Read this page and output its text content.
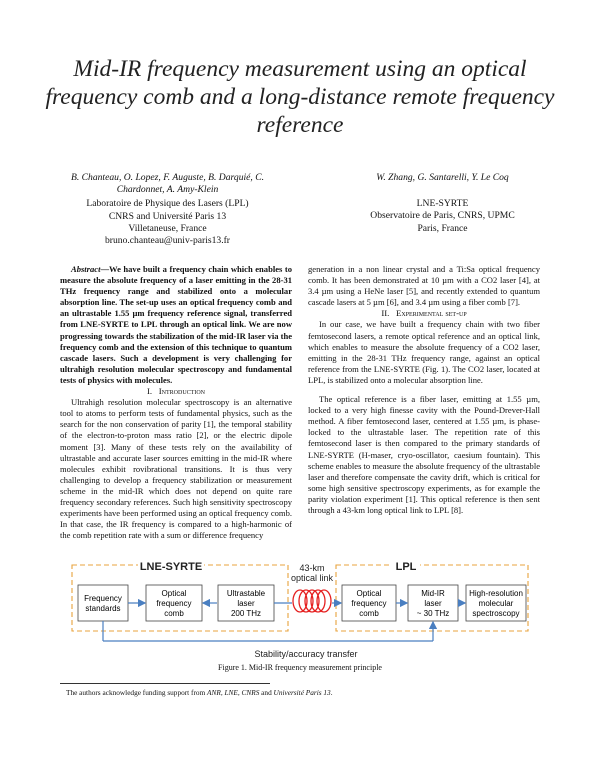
Mid-IR frequency measurement using an optical frequency comb and a long-distance remote frequency reference
B. Chanteau, O. Lopez, F. Auguste, B. Darquié, C.
Chardonnet, A. Amy-Klein
Laboratoire de Physique des Lasers (LPL)
CNRS and Université Paris 13
Villetaneuse, France
bruno.chanteau@univ-paris13.fr
W. Zhang, G. Santarelli, Y. Le Coq
LNE-SYRTE
Observatoire de Paris, CNRS, UPMC
Paris, France

Abstract—We have built a frequency chain which enables to measure the absolute frequency of a laser emitting in the 28-31 THz frequency range and stabilized onto a molecular absorption line. The set-up uses an optical frequency comb and an ultrastable 1.55 µm frequency reference signal, transferred from LNE-SYRTE to LPL through an optical link. We are now progressing towards the stabilization of the mid-IR laser via the frequency comb and the extension of this technique to quantum cascade lasers. Such a development is very challenging for ultrahigh resolution molecular spectroscopy and fundamental tests of physics with molecules.

I. Introduction

Ultrahigh resolution molecular spectroscopy is an alternative tool to atoms to perform tests of fundamental physics, such as the search for the non conservation of parity [1], the temporal stability of the electron-to-proton mass ratio [2], or the electric dipole moment [3]. Many of these tests rely on the availability of ultrastable and accurate laser sources emitting in the mid-IR where molecules exhibit rovibrational transitions. It is thus very challenging to develop a frequency stabilization or measurement scheme in the mid-IR which does not depend on quite rare frequency secondary references. Such high sensitivity spectroscopy experiments have been performed using an optical frequency comb. In that case, the IR frequency is compared to a high-harmonic of the comb repetition rate with a sum or difference frequency

generation in a non linear crystal and a Ti:Sa optical frequency comb. It has been demonstrated at 10 µm with a CO2 laser [4], at 3.4 µm using a HeNe laser [5], and recently extended to quantum cascade lasers at 5 µm [6], and 3.4 µm using a fiber comb [7].

II. Experimental set-up

In our case, we have built a frequency chain with two fiber femtosecond lasers, a remote optical reference and an optical link, which enables to measure the absolute frequency of a CO2 laser, emitting in the 28-31 THz frequency range, against an optical reference from the LNE-SYRTE (Fig. 1). The CO2 laser, located at LPL, is stabilized onto a molecular absorption line.

The optical reference is a fiber laser, emitting at 1.55 µm, locked to a very high finesse cavity with the Pound-Drever-Hall method. A fiber femtosecond laser, centered at 1.55 µm, is phase-locked to the ultrastable laser. The repetition rate of this femtosecond laser is then compared to the primary standards of LNE-SYRTE (H-maser, cryo-oscillator, caesium fountain). This scheme enables to measure the absolute frequency of the ultrastable laser and therefore compensate the cavity drift, which is critical for some high sensitive spectroscopy experiments, as for example the parity violation experiment [1]. This optical reference is then sent through a 43-km long optical link to LPL [8].

LNE-SYRTE	LPL
43-km
optical link
Frequency
standards
Optical
frequency
comb
Ultrastable
laser
200 THz
Optical
frequency
comb
Mid-IR
laser
~ 30 THz
High-resolution
molecular
spectroscopy
Stability/accuracy transfer
Figure 1. Mid-IR frequency measurement principle
The authors acknowledge funding support from ANR, LNE, CNRS and Université Paris 13.
